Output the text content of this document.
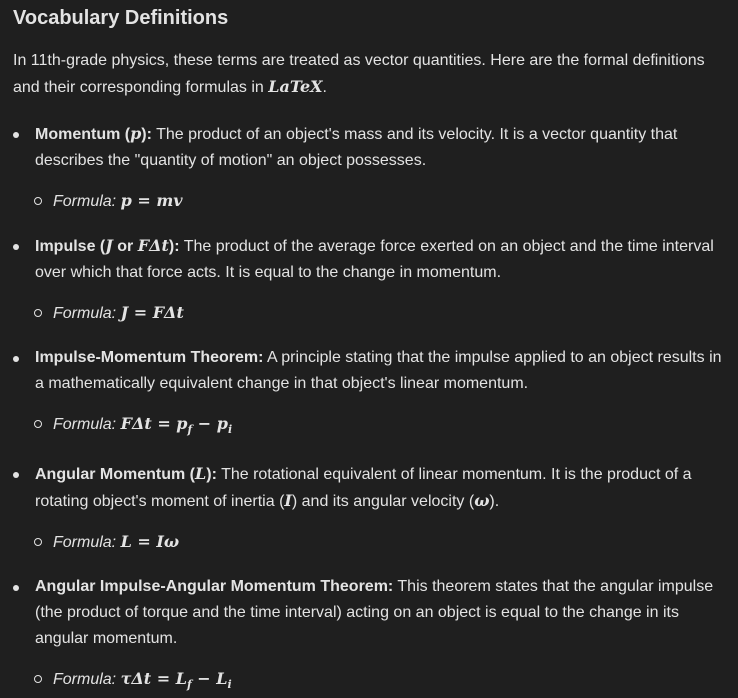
Vocabulary Definitions

In 11th-grade physics, these terms are treated as vector quantities. Here are the formal definitions and their corresponding formulas in LaTeX.

Momentum (p): The product of an object's mass and its velocity. It is a vector quantity that describes the "quantity of motion" an object possesses.

Formula: p = mv

Impulse (J or FΔt): The product of the average force exerted on an object and the time interval over which that force acts. It is equal to the change in momentum.

Formula: J = FΔt

Impulse-Momentum Theorem: A principle stating that the impulse applied to an object results in a mathematically equivalent change in that object's linear momentum.

Formula: $F\Delta t = p_f - p_i$

Angular Momentum (L): The rotational equivalent of linear momentum. It is the product of a rotating object's moment of inertia (I) and its angular velocity (ω).

Formula: L = Iω

Angular Impulse-Angular Momentum Theorem: This theorem states that the angular impulse (the product of torque and the time interval) acting on an object is equal to the change in its angular momentum.

Formula: $\tau\Delta t = L_f - L_i$
